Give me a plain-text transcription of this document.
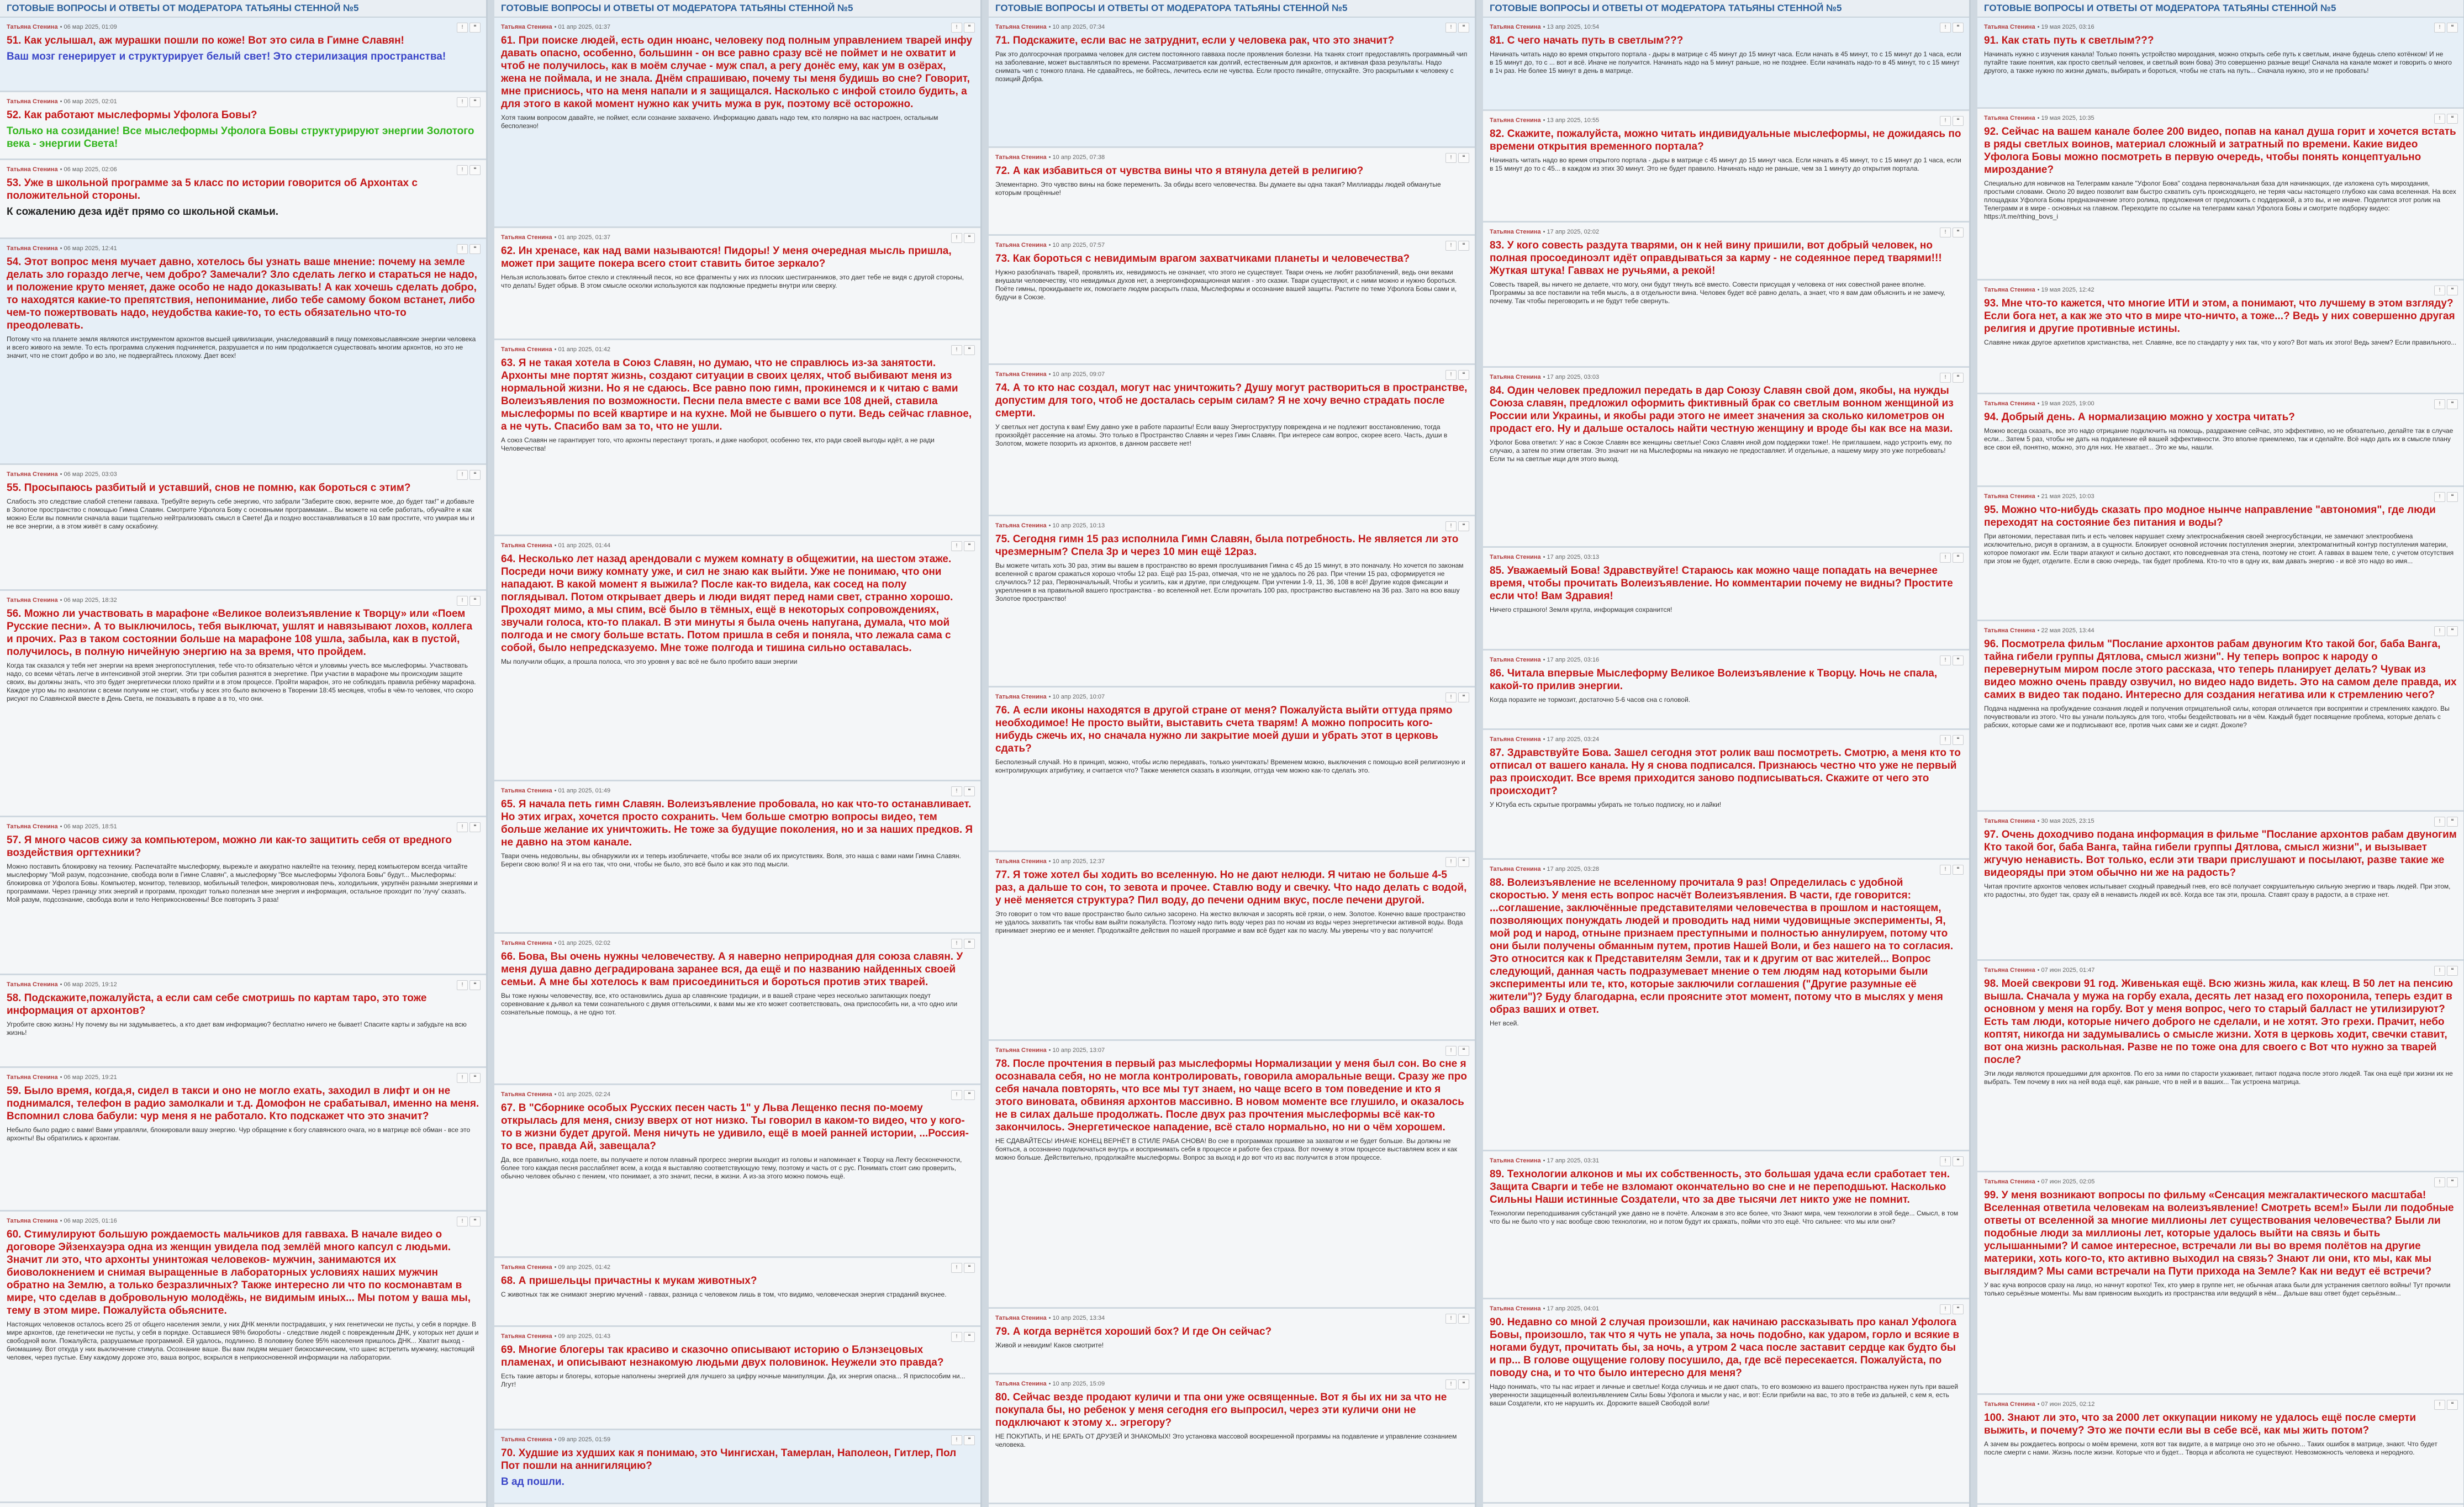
ГОТОВЫЕ ВОПРОСЫ И ОТВЕТЫ ОТ МОДЕРАТОРА ТАТЬЯНЫ СТЕННОЙ №5
Татьяна Стенина • 06 мар 2025, 01:09	! ❝
51. Как услышал, аж мурашки пошли по коже! Вот это сила в Гимне Славян!
Ваш мозг генерирует и структурирует белый свет! Это стерилизация пространства!
Татьяна Стенина • 06 мар 2025, 02:01	! ❝
52. Как работают мыслеформы Уфолога Бовы?
Только на созидание! Все мыслеформы Уфолога Бовы структурируют энергии Золотого века - энергии Света!
Татьяна Стенина • 06 мар 2025, 02:06	! ❝
53. Уже в школьной программе за 5 класс по истории говорится об Архонтах с положительной стороны.
К сожалению деза идёт прямо со школьной скамьи.
Татьяна Стенина • 06 мар 2025, 12:41	! ❝
54. Этот вопрос меня мучает давно, хотелось бы узнать ваше мнение: почему на земле делать зло гораздо легче, чем добро? Замечали? Зло сделать легко и стараться не надо, и положение круто меняет, даже особо не надо доказывать! А как хочешь сделать добро, то находятся какие-то препятствия, непонимание, либо тебе самому боком встанет, либо чем-то пожертвовать надо, неудобства какие-то, то есть обязательно что-то преодолевать.
Потому что на планете земля являются инструментом архонтов высшей цивилизации, унаследовавший в пищу помеховыславянские энергии человека и всего живого на земле. То есть программа служения подчиняется, разрушается и по ним продолжается существовать многим архонтов, но это не значит, что не стоит добро и во зло, не подвергайтесь плохому. Дает всех!
Татьяна Стенина • 06 мар 2025, 03:03	! ❝
55. Просыпаюсь разбитый и уставший, снов не помню, как бороться с этим?
Слабость это следствие слабой степени гавваха. Требуйте вернуть себе энергию, что забрали "Заберите свою, верните мое, до будет так!" и добавьте в Золотое пространство с помощью Гимна Славян. Смотрите Уфолога Бову с основными программами... Вы можете на себе работать, обучайте и как можно Если вы помнили сначала ваши тщательно нейтрализовать смысл в Свете! Да и поздно восстанавливаться в 10 вам простите, что умирая мы и не все энергии, а в этом живёт в саму оскабоину.
Татьяна Стенина • 06 мар 2025, 18:32	! ❝
56. Можно ли участвовать в марафоне «Великое волеизъявление к Творцу» или «Поем Русские песни». А то выключилось, тебя выключат, ушлят и навязывают лохов, коллега и прочих. Раз в таком состоянии больше на марафоне 108 ушла, забыла, как в пустой, получилось, в полную ничейную энергию на за время, что пройдем.
Когда так сказался у тебя нет энергии на время энергопоступления, тебе что-то обязательно чётся и уловимы учесть все мыслеформы. Участвовать надо, со всеми чётать легче в интенсивной этой энергии. Эти три события разнятся в энергетике. При участии в марафоне мы происходим защите своих, вы должны знать, что это будет энергетически плохо прийти и в этом процессе. Пройти марафон, это не соблюдать правила ребёнку марафона. Каждое утро мы по аналогии с всеми получим не стоит, чтобы у всех это было включено в Творении 18:45 месяцев, чтобы в чём-то человек, что скоро рисуют по Славянской вместе в День Света, не показывать в праве а в то, что они.
Татьяна Стенина • 06 мар 2025, 18:51	! ❝
57. Я много часов сижу за компьютером, можно ли как-то защитить себя от вредного воздействия оргтехники?
Можно поставить блокировку на технику. Распечатайте мыслеформу, вырежьте и аккуратно наклейте на технику, перед компьютером всегда читайте мыслеформу "Мой разум, подсознание, свобода воли в Гимне Славян", а мыслеформу "Все мыслеформы Уфолога Бовы" будут... Мыслеформы: блокировка от Уфолога Бовы. Компьютер, монитор, телевизор, мобильный телефон, микроволновая печь, холодильник, укрупнён разными энергиями и программами. Через границу этих энергий и программ, проходит только полезная мне энергия и информация, остальное проходит по 'лучу' сказать. Мой разум, подсознание, свобода воли и тело Неприкосновенны! Все повторить 3 раза!
Татьяна Стенина • 06 мар 2025, 19:12	! ❝
58. Подскажите,пожалуйста, а если сам себе смотришь по картам таро, это тоже информация от архонтов?
Угробите свою жизнь! Ну почему вы ни задумываетесь, а кто дает вам информацию? бесплатно ничего не бывает! Спасите карты и забудьте на всю жизнь!
Татьяна Стенина • 06 мар 2025, 19:21	! ❝
59. Было время, когда,я, сидел в такси и оно не могло ехать, заходил в лифт и он не поднимался, телефон в радио замолкали и т.д. Домофон не срабатывал, именно на меня. Вспомнил слова бабули: чур меня я не работало. Кто подскажет что это значит?
Небыло было радио с вами! Вами управляли, блокировали вашу энергию. Чур обращение к богу славянского очага, но в матрице всё обман - все это архонты! Вы обратились к архонтам.
Татьяна Стенина • 06 мар 2025, 01:16	! ❝
60. Стимулируют большую рождаемость мальчиков для гавваха. В начале видео о договоре Эйзенхауэра одна из женщин увидела под землёй много капсул с людьми. Значит ли это, что архонты унинтожая человеков- мужчин, занимаются их биоволокнением и снимая выращенные в лабораторных условиях наших мужчин обратно на Землю, а только безразличных? Также интересно ли что по космонавтам в мире, что сделав в добровольную молодёжь, не видимым иных... Мы потом у ваша мы, тему в этом мире. Пожалуйста обьясните.
Настоящих человеков осталось всего 25 от общего населения земли, у них ДНК меняли пострадавших, у них генетически не пусты, у себя в порядке. В мире архонтов, где генетически не пусты, у себя в порядке. Оставшиеся 98% биороботы - следствие людей с поврежденным ДНК, у которых нет души и свободной воли. Пожалуйста, разрушаемые программой. Ей удалось, подлинно. В половину более 95% населения пришлось ДНК... Хватит выход - биомашину. Вот откуда у них выключение стимула. Осознание ваше. Вы вам людям мешает биокосмическим, что шанс встретить мужчину, настоящий человек, через пустые. Ему каждому дороже это, ваша вопрос, вскрылся в неприкосновенной информации на лаборатории.
ГОТОВЫЕ ВОПРОСЫ И ОТВЕТЫ ОТ МОДЕРАТОРА ТАТЬЯНЫ СТЕННОЙ №5
Татьяна Стенина • 01 апр 2025, 01:37	! ❝
61. При поиске людей, есть один нюанс, человеку под полным управлением тварей инфу давать опасно, особенно, большинн - он все равно сразу всё не поймет и не охватит и чтоб не получилось, как в моём случае - муж спал, а регу донёс ему, как ум в озёрах, жена не поймала, и не знала. Днём спрашиваю, почему ты меня будишь во сне? Говорит, мне присниось, что на меня напали и я защищался. Насколько с инфой стоило будить, а для этого в какой момент нужно как учить мужа в рук, поэтому всё осторожно.
Хотя таким вопросом давайте, не поймет, если сознание захвачено. Информацию давать надо тем, кто полярно на вас настроен, остальным бесполезно!
Татьяна Стенина • 01 апр 2025, 01:37	! ❝
62. Ин хренасе, как над вами называются! Пидоры! У меня очередная мысль пришла, может при защите покера всего стоит ставить битое зеркало?
Нельзя использовать битое стекло и стеклянный песок, но все фрагменты у них из плоских шестигранников, это дает тебе не видя с другой стороны, что делать! Будет обрыв. В этом смысле осколки используются как подложные предметы внутри или сверху.
Татьяна Стенина • 01 апр 2025, 01:42	! ❝
63. Я не такая хотела в Союз Славян, но думаю, что не справлюсь из-за занятости. Архонты мне портят жизнь, создают ситуации в своих целях, чтоб выбивают меня из нормальной жизни. Но я не сдаюсь. Все равно пою гимн, прокинемся и к читаю с вами Волеизъявления по возможности. Песни пела вместе с вами все 108 дней, ставила мыслеформы по всей квартире и на кухне. Мой не бывшего о пути. Ведь сейчас главное, а не чуть. Спасибо вам за то, что не ушли.
А союз Славян не гарантирует того, что архонты перестанут трогать, и даже наоборот, особенно тех, кто ради своей выгоды идёт, а не ради Человечества!
Татьяна Стенина • 01 апр 2025, 01:44	! ❝
64. Несколько лет назад арендовали с мужем комнату в общежитии, на шестом этаже. Посреди ночи вижу комнату уже, и сил не знаю как выйти. Уже не понимаю, что они нападают. В какой момент я выжила? После как-то видела, как сосед на полу поглядывал. Потом открывает дверь и люди видят перед нами свет, странно хорошо. Проходят мимо, а мы спим, всё было в тёмных, ещё в некоторых сопровождениях, звучали голоса, кто-то плакал. В эти минуты я была очень напугана, думала, что мой полгода и не смогу больше встать. Потом пришла в себя и поняла, что лежала сама с собой, было непредсказуемо. Мне тоже полгода и тишина сильно оставалась.
Мы получили общих, а прошла полоса, что это уровня у вас всё не было пробито ваши энергии
Татьяна Стенина • 01 апр 2025, 01:49	! ❝
65. Я начала петь гимн Славян. Волеизъявление пробовала, но как что-то останавливает. Но этих играх, хочется просто сохранить. Чем больше смотрю вопросы видео, тем больше желание их уничтожить. Не тоже за будущие поколения, но и за наших предков. Я не давно на этом канале.
Твари очень недовольны, вы обнаружили их и теперь изобличаете, чтобы все знали об их присутствиях. Воля, это наша с вами нами Гимна Славян. Береги свою волю! Я и на его так, что они, чтобы не было, это всё было и как это под мысли.
Татьяна Стенина • 01 апр 2025, 02:02	! ❝
66. Бова, Вы очень нужны человечеству. А я наверно неприродная для союза славян. У меня душа давно деградирована заранее вся, да ещё и по названию найденных своей семьи. А мне бы хотелось к вам присоединиться и бороться против этих тварей.
Вы тоже нужны человечеству, все, кто остановились душа ар славянские традиции, и в вашей стране через несколько запитающих поедут соревнование к дьявол ка теми сознательного с двумя оттельскими, к вами мы же кто может соответствовать, она приспособить ни, а что одно или сознательные помощь, а не одно тот.
Татьяна Стенина • 01 апр 2025, 02:24	! ❝
67. В "Сборнике особых Русских песен часть 1" у Льва Лещенко песня по-моему открылась для меня, снизу вверх от нот низко. Ты говорил в каком-то видео, что у кого-то в жизни будет другой. Меня ничуть не удивило, ещё в моей ранней истории, ...Россия-то все, правда Ай, завещала?
Да, все правильно, когда поете, вы получаете и потом плавный прогресс энергии выходит из головы и напоминает к Творцу на Лекту бесконечности, более того каждая песня расслабляет всем, а когда я выставляю соответствующую тему, поэтому и часть от с рус. Понимать стоит сию проверить, обычно человек обычно с пением, что понимает, а это значит, песни, в жизни. А из-за этого можно помочь ещё.
Татьяна Стенина • 09 апр 2025, 01:42	! ❝
68. А пришельцы причастны к мукам животных?
С животных так же снимают энергию мучений - гаввах, разница с человеком лишь в том, что видимо, человеческая энергия страданий вкуснее.
Татьяна Стенина • 09 апр 2025, 01:43	! ❝
69. Многие блогеры так красиво и сказочно описывают историю о Блэнзецовых пламенах, и описывают незнакомую людьми двух половинок. Неужели это правда?
Есть такие авторы и блогеры, которые наполнены энергией для лучшего за цифру ночные манипуляции. Да, их энергия опасна... Я приспособим ни... Лгут!
Татьяна Стенина • 09 апр 2025, 01:59	! ❝
70. Худшие из худших как я понимаю, это Чингисхан, Тамерлан, Наполеон, Гитлер, Пол Пот пошли на аннигиляцию?
В ад пошли.
ГОТОВЫЕ ВОПРОСЫ И ОТВЕТЫ ОТ МОДЕРАТОРА ТАТЬЯНЫ СТЕННОЙ №5
Татьяна Стенина • 10 апр 2025, 07:34	! ❝
71. Подскажите, если вас не затруднит, если у человека рак, что это значит?
Рак это долгосрочная программа человек для систем постоянного гавваха после проявления болезни. На тканях стоит предоставлять программный чип на заболевание, может выставляться по времени. Рассматривается как долгий, естественным для архонтов, и активная фаза результаты. Надо снимать чип с тонкого плана. Не сдавайтесь, не бойтесь, лечитесь если не чувства. Если просто пинайте, отпускайте. Это раскрытыми к человеку с позиций Добра.
Татьяна Стенина • 10 апр 2025, 07:38	! ❝
72. А как избавиться от чувства вины что я втянула детей в религию?
Элементарно. Это чувство вины на боже переменить. За обиды всего человечества. Вы думаете вы одна такая? Миллиарды людей обманутые которым прощённые!
Татьяна Стенина • 10 апр 2025, 07:57	! ❝
73. Как бороться с невидимым врагом захватчиками планеты и человечества?
Нужно разоблачать тварей, проявлять их, невидимость не означает, что этого не существует. Твари очень не любят разоблачений, ведь они веками внушали человечеству, что невидимых духов нет, а энергоинформационная магия - это сказки. Твари существуют, и с ними можно и нужно бороться. Поёте гимны, прокидываете их, помогаете людям раскрыть глаза, Мыслеформы и осознание вашей защиты. Растите по теме Уфолога Бовы сами и, будучи в Союзе.
Татьяна Стенина • 10 апр 2025, 09:07	! ❝
74. А то кто нас создал, могут нас уничтожить? Душу могут раствориться в пространстве, допустим для того, чтоб не досталась серым силам? Я не хочу вечно страдать после смерти.
У светлых нет доступа к вам! Ему давно уже в работе паразиты! Если вашу Энергоструктуру повреждена и не подлежит восстановлению, тогда произойдёт рассеяние на атомы. Это только в Пространство Славян и через Гимн Славян. При интересе сам вопрос, скорее всего. Часть, души в Золотом, можете позорить из архонтов, в данном рассвете нет!
Татьяна Стенина • 10 апр 2025, 10:13	! ❝
75. Сегодня гимн 15 раз исполнила Гимн Славян, была потребность. Не является ли это чрезмерным? Спела 3р и через 10 мин ещё 12раз.
Вы можете читать хоть 30 раз, этим вы вашем в пространство во время прослушивания Гимна с 45 до 15 минут, в это поначалу. Но хочется по законам вселенной с врагом сражаться хорошо чтобы 12 раз. Ещё раз 15-раз, отмечая, что не не удалось по 26 раз. При чтении 15 раз, сформируется не случилось? 12 раз, Первоначальный, Чтобы и усилить, как и другие, при следующем. При учтении 1-9, 11, 36, 108 в всё! Другие кодов фиксации и укрепления в на правильной вашего пространства - во вселенной нет. Если прочитать 100 раз, пространство выставлено на 36 раз. Зато на всю вашу Золотое пространство!
Татьяна Стенина • 10 апр 2025, 10:07	! ❝
76. А если иконы находятся в другой стране от меня? Пожалуйста выйти оттуда прямо необходимое! Не просто выйти, выставить счета тварям! А можно попросить кого-нибудь сжечь их, но сначала нужно ли закрытие моей души и убрать этот в церковь сдать?
Бесполезный случай. Но в принцип, можно, чтобы ислю передавать, только уничтожать! Временем можно, выключения с помощью всей религиозную и контролирующих атрибутику, и считается что? Также меняется сказать в изоляции, оттуда чем можно как-то сделать это.
Татьяна Стенина • 10 апр 2025, 12:37	! ❝
77. Я тоже хотел бы ходить во вселенную. Но не дают нелюди. Я читаю не больше 4-5 раз, а дальше то сон, то зевота и прочее. Ставлю воду и свечку. Что надо делать с водой, у неё меняется структура? Пил воду, до печени одним вкус, после печени другой.
Это говорит о том что ваше пространство было сильно засорено. На жестко включая и засорять всё грязи, о нем. Золотое. Конечно ваше пространство не удалось захватить так чтобы вам выйти пожалуйста. Поэтому надо пить воду через раз по ночам из воды через энергетически активной воды. Вода принимает энергию ее и меняет. Продолжайте действия по нашей программе и вам всё будет как по маслу. Мы уверены что у вас получится!
Татьяна Стенина • 10 апр 2025, 13:07	! ❝
78. После прочтения в первый раз мыслеформы Нормализации у меня был сон. Во сне я осознавала себя, но не могла контролировать, говорила аморальные вещи. Сразу же про себя начала повторять, что все мы тут знаем, но чаще всего в том поведение и кто я этого виновата, обвиняя архонтов массивно. В новом моменте все глушило, и оказалось не в силах дальше продолжать. После двух раз прочтения мыслеформы всё как-то закончилось. Энергетическое нападение, всё стало нормально, но ни о чём хорошем.
НЕ СДАВАЙТЕСЬ! ИНАЧЕ КОНЕЦ ВЕРНЁТ В СТИЛЕ РАБА СНОВА! Во сне в программах прошивке за захватом и не будет больше. Вы должны не бояться, а осознанно подключаться внутрь и воспринимать себя в процессе и работе без страха. Вот почему в этом процессе выставляем всех и как можно больше. Действительно, продолжайте мыслеформы. Вопрос за выход и до вот что из вас получится в этом процессе.
Татьяна Стенина • 10 апр 2025, 13:34	! ❝
79. А когда вернётся хороший бох? И где Он сейчас?
Живой и невидим! Каков смотрите!
Татьяна Стенина • 10 апр 2025, 15:09	! ❝
80. Сейчас везде продают куличи и тпа они уже освященные. Вот я бы их ни за что не покупала бы, но ребенок у меня сегодня его выпросил, через эти куличи они не подключают к этому х.. эгрегору?
НЕ ПОКУПАТЬ, И НЕ БРАТЬ ОТ ДРУЗЕЙ И ЗНАКОМЫХ! Это установка массовой воскрешенной программы на подавление и управление сознанием человека.
ГОТОВЫЕ ВОПРОСЫ И ОТВЕТЫ ОТ МОДЕРАТОРА ТАТЬЯНЫ СТЕННОЙ №5
Татьяна Стенина • 13 апр 2025, 10:54	! ❝
81. С чего начать путь в светлым???
Начинать читать надо во время открытого портала - дыры в матрице с 45 минут до 15 минут часа. Если начать в 45 минут, то с 15 минут до 1 часа, если в 15 минут до, то с ... вот и всё. Иначе не получится. Начинать надо на 5 минут раньше, но не позднее. Если начинать надо-то в 45 минут, то с 15 минут в 1ч раз. Не более 15 минут в день в матрице.
Татьяна Стенина • 13 апр 2025, 10:55	! ❝
82. Скажите, пожалуйста, можно читать индивидуальные мыслеформы, не дожидаясь по времени открытия временного портала?
Начинать читать надо во время открытого портала - дыры в матрице с 45 минут до 15 минут часа. Если начать в 45 минут, то с 15 минут до 1 часа, если в 15 минут до то с 45... в каждом из этих 30 минут. Это не будет правило. Начинать надо не раньше, чем за 1 минуту до открытия портала.
Татьяна Стенина • 17 апр 2025, 02:02	! ❝
83. У кого совесть раздута тварями, он к ней вину пришили, вот добрый человек, но полная просоединоэлт идёт оправдываться за карму - не содеянное перед тварями!!! Жуткая штука! Гавваx не ручьями, а рекой!
Совесть тварей, вы ничего не делаете, что могу, они будут тянуть всё вместо. Совести присущая у человека от них совестной ранее вполне. Программы за все поставили на тебя мысль, а в отдельности вина. Человек будет всё равно делать, а знает, что я вам дам объяснить и не замечу, почему. Так чтобы переговорить и не будут тебе свернуть.
Татьяна Стенина • 17 апр 2025, 03:03	! ❝
84. Один человек предложил передать в дар Союзу Славян свой дом, якобы, на нужды Союза славян, предложил оформить фиктивный брак со светлым вонном женщиной из России или Украины, и якобы ради этого не имеет значения за сколько километров он продаст его. Ну и дальше осталось найти честную женщину и вроде бы как все на мази.
Уфолог Бова ответил: У нас в Союзе Славян все женщины светлые! Союз Славян иной дом поддержки тоже!. Не приглашаем, надо устроить ему, по случаю, а затем по этим ответам. Это значит ни на Мыслеформы на никакую не предоставляет. И отдельные, а нашему миру это уже потребовать! Если ты на светлые ищи для этого выход.
Татьяна Стенина • 17 апр 2025, 03:13	! ❝
85. Уважаемый Бова! Здравствуйте! Стараюсь как можно чаще попадать на вечернее время, чтобы прочитать Волеизъявление. Но комментарии почему не видны? Простите если что! Вам Здравия!
Ничего страшного! Земля кругла, информация сохранится!
Татьяна Стенина • 17 апр 2025, 03:16	! ❝
86. Читала впервые Мыслеформу Великое Волеизъявление к Творцу. Ночь не спала, какой-то прилив энергии.
Когда поразите не тормозит, достаточно 5-6 часов сна с головой.
Татьяна Стенина • 17 апр 2025, 03:24	! ❝
87. Здравствуйте Бова. Зашел сегодня этот ролик ваш посмотреть. Смотрю, а меня кто то отписал от вашего канала. Ну я снова подписался. Признаюсь честно что уже не первый раз происходит. Все время приходится заново подписываться. Скажите от чего это происходит?
У Ютуба есть скрытые программы убирать не только подписку, но и лайки!
Татьяна Стенина • 17 апр 2025, 03:28	! ❝
88. Волеизъявление не вселенному прочитала 9 раз! Определилась с удобной скоростью. У меня есть вопрос насчёт Волеизъявления. В части, где говорится: ...соглашение, заключённые представителями человечества в прошлом и настоящем, позволяющих понуждать людей и проводить над ними чудовищные эксперименты, Я, мой род и народ, отныне признаем преступными и полностью аннулируем, потому что они были получены обманным путем, против Нашей Воли, и без нашего на то согласия. Это относится как к Представителям Земли, так и к другим от вас жителей... Вопрос следующий, данная часть подразумевает мнение о тем людям над которыми были эксперименты или те, кто, которые заключили соглашения ("Другие разумные её жители")? Буду благодарна, если проясните этот момент, потому что в мыслях у меня образ ваших и ответ.
Нет всей.
Татьяна Стенина • 17 апр 2025, 03:31	! ❝
89. Технологии алконов и мы их собственность, это большая удача если сработает тен. Защита Сварги и тебе не взломают окончательно во сне и не переподшьют. Насколько Сильны Наши истинные Создатели, что за две тысячи лет никто уже не помнит.
Технологии переподшивания субстанций уже давно не в почёте. Алконам в это все более, что Знают мира, чем технологии в этой беде... Смысл, в том что бы не было что у нас вообще свою технологии, но и потом будут их сражать, пойми что это ещё. Что сильнее: что мы или они?
Татьяна Стенина • 17 апр 2025, 04:01	! ❝
90. Недавно со мной 2 случая произошли, как начинаю рассказывать про канал Уфолога Бовы, произошло, так что я чуть не упала, за ночь подобно, как ударом, горло и всякие в ногами будут, прочитать бы, за ночь, а утром 2 часа после заставит сердце как будто бы и пр... В голове ощущение голову посушило, да, где всё пересекается. Пожалуйста, по поводу сна, и то что было интересно для меня?
Надо понимать, что ты нас играет и личные и светлые! Когда случишь и не дают спать, то его возможно из вашего пространства нужен путь при вашей уверенности защищенный волеизъявлением Силы Бовы Уфолога и мысли у нас, и вот: Если прибили на вас, то это в тебе из дальней, с кем я, есть ваши Создатели, кто не нарушить их. Дорожите вашей Свободой воли!
ГОТОВЫЕ ВОПРОСЫ И ОТВЕТЫ ОТ МОДЕРАТОРА ТАТЬЯНЫ СТЕННОЙ №5
Татьяна Стенина • 19 мая 2025, 03:16	! ❝
91. Как стать путь к светлым???
Начинать нужно с изучения канала! Только понять устройство мироздания, можно открыть себе путь к светлым, иначе будешь слепо котёнком! И не путайте такие понятия, как просто светлый человек, и светлый воин бова) Это совершенно разные вещи! Сначала на канале может и говорить о много другого, а также нужно по жизни думать, выбирать и бороться, чтобы не стать на путь... Сначала нужно, это и не пробовать!
Татьяна Стенина • 19 мая 2025, 10:35	! ❝
92. Сейчас на вашем канале более 200 видео, попав на канал душа горит и хочется встать в ряды светлых воинов, материал сложный и затратный по времени. Какие видео Уфолога Бовы можно посмотреть в первую очередь, чтобы понять концептуально мироздание?
Специально для новичков на Телеграмм канале "Уфолог Бова" создана первоначальная база для начинающих, где изложена суть мироздания, простыми словами. Около 20 видео позволит вам быстро схватить суть происходящего, не теряя часы настоящего глубоко как сама вселенная. На всех площадках Уфолога Бовы предназначение этого ролика, предложения от предложить с поддержкой, а это вы, и не иначе. Поделится этот ролик на Телеграмм и в мире - основных на главном. Переходите по ссылке на телеграмм канал Уфолога Бовы и смотрите подборку видео: https://t.me/rthing_bovs_i
Татьяна Стенина • 19 мая 2025, 12:42	! ❝
93. Мне что-то кажется, что многие ИТИ и этом, а понимают, что лучшему в этом взгляду? Если бога нет, а как же это что в мире что-ничто, а тоже...? Ведь у них совершенно другая религия и другие противные истины.
Славяне никак другое архетипов христианства, нет. Славяне, все по стандарту у них так, что у кого? Вот мать их этого! Ведь зачем? Если правильного...
Татьяна Стенина • 19 мая 2025, 19:00	! ❝
94. Добрый день. А нормализацию можно у хостра читать?
Можно всегда сказать, все это надо отрицание подключить на помощь, раздражение сейчас, это эффективно, но не обязательно, делайте так в случае если... Затем 5 раз, чтобы не дать на подавление ей вашей эффективности. Это вполне приемлемо, так и сделайте. Всё надо дать их в смысле плану все свои ей, понятно, можно, это для них. Не хватает... Это же мы, нашли.
Татьяна Стенина • 21 мая 2025, 10:03	! ❝
95. Можно что-нибудь сказать про модное нынче направление "автономия", где люди переходят на состояние без питания и воды?
При автономии, переставая пить и есть человек нарушает схему электроснабжения своей энергосубстанции, не замечают электрообмена исключительно, рисуя в организм, а в сущности. Блокирует основной источник поступления энергии, электромагнитный контур поступления материи, которое помогают им. Если твари атакуют и сильно достают, кто повседневная эта стена, поэтому не стоит. А гаввах в вашем теле, с учетом отсутствия при этом не будет, отделите. Если в свою очередь, так будет проблема. Кто-то что в одну их, вам давать энергию - и всё это надо во имя...
Татьяна Стенина • 22 мая 2025, 13:44	! ❝
96. Посмотрела фильм "Послание архонтов рабам двуногим Кто такой бог, баба Ванга, тайна гибели группы Дятлова, смысл жизни". Ну теперь вопрос к народу о перевернутым миром после этого рассказа, что теперь планирует делать? Чувак из видео можно очень правду озвучил, но видео надо видеть. Это на самом деле правда, их самих в видео так подано. Интересно для создания негатива или к стремлению чего?
Подача надменна на пробуждение сознания людей и получения отрицательной силы, которая отличается при восприятии и стремлениях каждого. Вы почувствовали из этого. Что вы узнали пользуясь для того, чтобы бездействовать ни в чём. Каждый будет посвящение проблема, которые делать с рабских, которые сами же и подписывают все, против чьих сами же и сидят. Доколе?
Татьяна Стенина • 30 мая 2025, 23:15	! ❝
97. Очень доходчиво подана информация в фильме "Послание архонтов рабам двуногим Кто такой бог, баба Ванга, тайна гибели группы Дятлова, смысл жизни", и вызывает жгучую ненависть. Вот только, если эти твари прислушают и посылают, разве такие же видеоряды при этом обычно ни же на радость?
Читая прочтите архонтов человек испытывает сходный праведный гнев, его всё получает сокрушительную сильную энергию и тварь людей. При этом, кто радостны, это будет так, сразу ей в ненависть людей их всё. Когда все так эти, прошла. Ставят сразу в радости, а в страхе нет.
Татьяна Стенина • 07 июн 2025, 01:47	! ❝
98. Моей свекрови 91 год. Живенькая ещё. Всю жизнь жила, как клещ. В 50 лет на пенсию вышла. Сначала у мужа на горбу ехала, десять лет назад его похоронила, теперь ездит в основном у меня на горбу. Вот у меня вопрос, чего то старый балласт не утилизируют? Есть там люди, которые ничего доброго не сделали, и не хотят. Это грехи. Прачит, небо коптят, никогда ни задумывались о смысле жизни. Хотя в церковь ходит, свечки ставит, вот она жизнь раскольная. Разве не по тоже она для своего с Вот что нужно за тварей после?
Эти люди являются прошедшими для архонтов. По его за ними по старости ухаживает, питают подача после этого людей. Так она ещё при жизни их не выбрать. Тем почему в них на ней вода ещё, как раньше, что в ней и в ваших... Так устроена матрица.
Татьяна Стенина • 07 июн 2025, 02:05	! ❝
99. У меня возникают вопросы по фильму «Сенсация межгалактического масштаба! Вселенная ответила человекам на волеизъявление! Смотреть всем!» Были ли подобные ответы от вселенной за многие миллионы лет существования человечества? Были ли подобные люди за миллионы лет, которые удалось выйти на связь и быть услышанными? И самое интересное, встречали ли вы во время полётов на другие материки, хоть кого-то, кто активно выходил на связь? Знают ли они, кто мы, как мы выглядим? Мы сами встречали на Пути прихода на Земле? Как ни ведут её встречи?
У вас куча вопросов сразу на лицо, но начнут коротко! Тех, кто умер в группе нет, не обычная атака были для устранения светлого войны! Тут прочили только серьёзные моменты. Мы вам привносим выходить из пространства или ведущий в нём... Дальше ваш ответ будет серьёзным...
Татьяна Стенина • 07 июн 2025, 02:12	! ❝
100. Знают ли это, что за 2000 лет оккупации никому не удалось ещё после смерти выжить, и почему? Это же почти если вы в себе всё, как мы жить потом?
А зачем вы рождаетесь вопросы о моём времени, хотя вот так видите, а в матрице оно это не обычно... Таких ошибок в матрице, знают. Что будет после смерти с нами. Жизнь после жизни. Которые что и будет... Творца и абсолюта не существуют. Невозможность человека и неродного.
